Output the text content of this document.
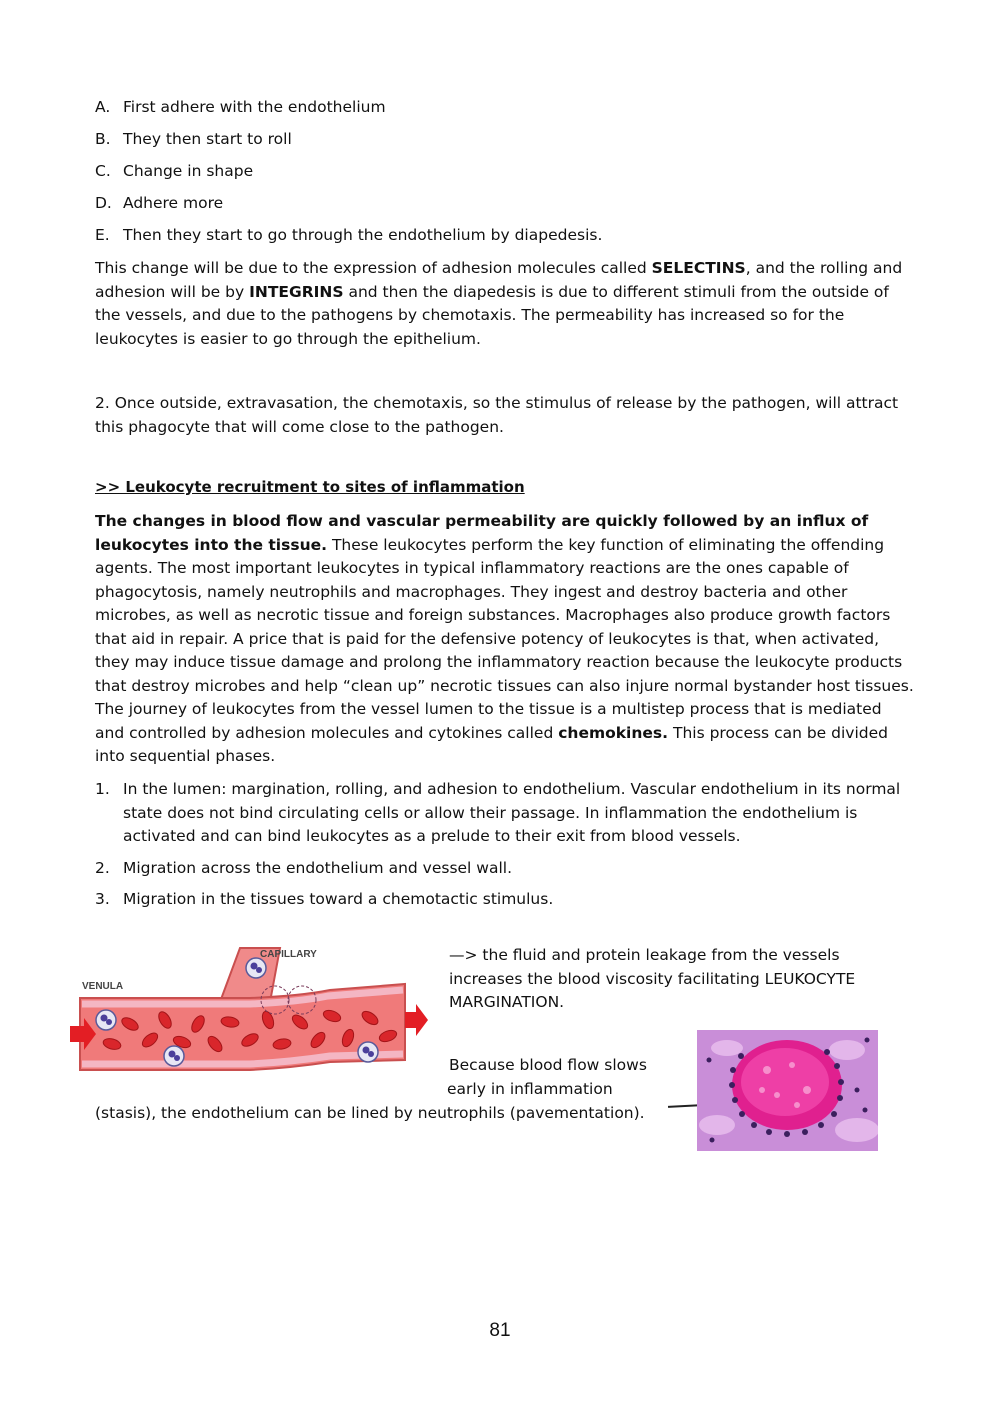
A. First adhere with the endothelium
B. They then start to roll
C. Change in shape
D. Adhere more
E. Then they start to go through the endothelium by diapedesis.

This change will be due to the expression of adhesion molecules called SELECTINS, and the rolling and adhesion will be by INTEGRINS and then the diapedesis is due to different stimuli from the outside of the vessels, and due to the pathogens by chemotaxis. The permeability has increased so for the leukocytes is easier to go through the epithelium.

2. Once outside, extravasation, the chemotaxis, so the stimulus of release by the pathogen, will attract this phagocyte that will come close to the pathogen.

>> Leukocyte recruitment to sites of inflammation

The changes in blood flow and vascular permeability are quickly followed by an influx of leukocytes into the tissue. These leukocytes perform the key function of eliminating the offending agents. The most important leukocytes in typical inflammatory reactions are the ones capable of phagocytosis, namely neutrophils and macrophages. They ingest and destroy bacteria and other microbes, as well as necrotic tissue and foreign substances. Macrophages also produce growth factors that aid in repair. A price that is paid for the defensive potency of leukocytes is that, when activated, they may induce tissue damage and prolong the inflammatory reaction because the leukocyte products that destroy microbes and help “clean up” necrotic tissues can also injure normal bystander host tissues. The journey of leukocytes from the vessel lumen to the tissue is a multistep process that is mediated and controlled by adhesion molecules and cytokines called chemokines. This process can be divided into sequential phases.

1. In the lumen: margination, rolling, and adhesion to endothelium. Vascular endothelium in its normal state does not bind circulating cells or allow their passage. In inflammation the endothelium is activated and can bind leukocytes as a prelude to their exit from blood vessels.
2. Migration across the endothelium and vessel wall.
3. Migration in the tissues toward a chemotactic stimulus.
CAPILLARY
VENULA
—> the fluid and protein leakage from the vessels increases the blood viscosity facilitating LEUKOCYTE MARGINATION.
Because blood flow slows
early in inflammation
(stasis), the endothelium can be lined by neutrophils (pavementation).
81
